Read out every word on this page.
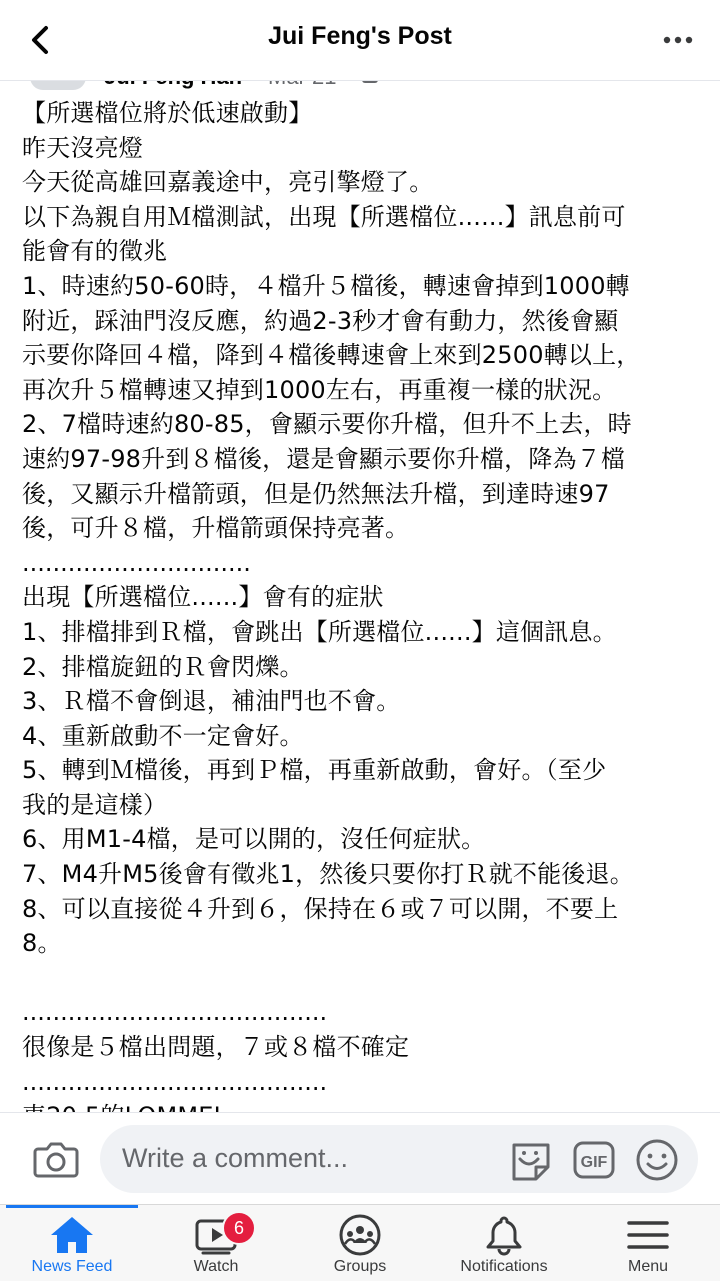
Jui Feng's Post
【所選檔位將於低速啟動】
昨天沒亮燈
今天從高雄回嘉義途中，亮引擎燈了。
以下為親自用Ｍ檔測試，出現【所選檔位......】訊息前可
能會有的徵兆
1、時速約50-60時，４檔升５檔後，轉速會掉到1000轉
附近，踩油門沒反應，約過2-3秒才會有動力，然後會顯
示要你降回４檔，降到４檔後轉速會上來到2500轉以上，
再次升５檔轉速又掉到1000左右，再重複一樣的狀況。
2、7檔時速約80-85，會顯示要你升檔，但升不上去，時
速約97-98升到８檔後，還是會顯示要你升檔，降為７檔
後，又顯示升檔箭頭，但是仍然無法升檔，到達時速97
後，可升８檔，升檔箭頭保持亮著。
..............................
出現【所選檔位......】會有的症狀
1、排檔排到Ｒ檔，會跳出【所選檔位......】這個訊息。
2、排檔旋鈕的Ｒ會閃爍。
3、Ｒ檔不會倒退，補油門也不會。
4、重新啟動不一定會好。
5、轉到Ｍ檔後，再到Ｐ檔，再重新啟動，會好。（至少
我的是這樣）
6、用M1-4檔，是可以開的，沒任何症狀。
7、M4升M5後會有徵兆1，然後只要你打Ｒ就不能後退。
8、可以直接從４升到６，保持在６或７可以開，不要上
8。
........................................
很像是５檔出問題，７或８檔不確定
........................................
Write a comment...	GIF
News Feed
6
Watch	Groups	Notifications	Menu
